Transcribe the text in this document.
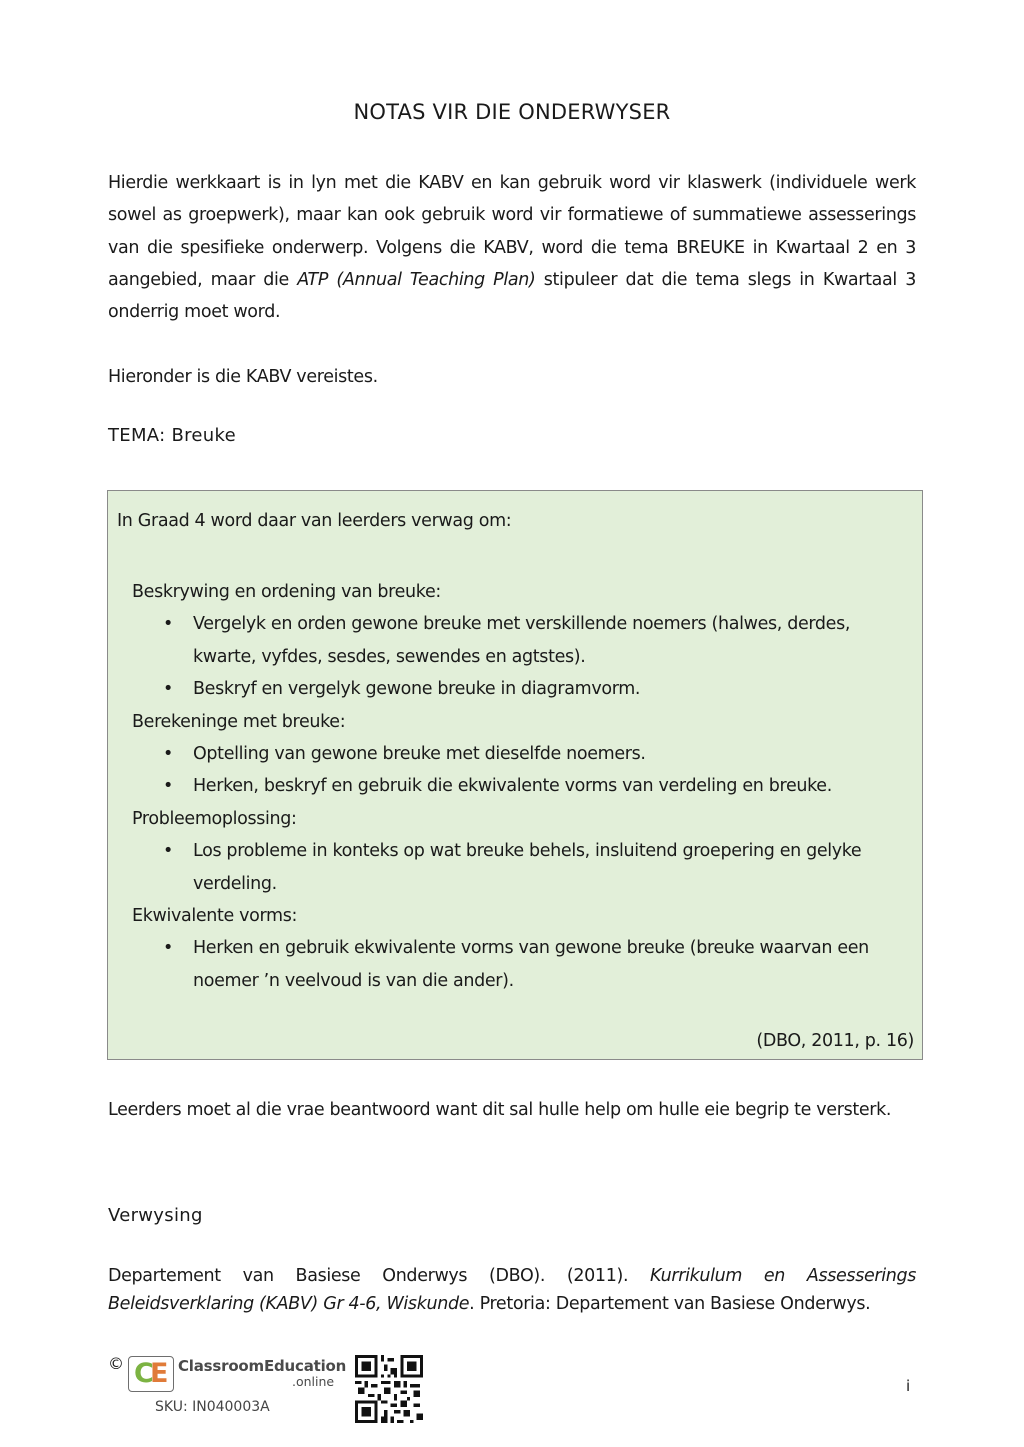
NOTAS VIR DIE ONDERWYSER
Hierdie werkkaart is in lyn met die KABV en kan gebruik word vir klaswerk (individuele werk sowel as groepwerk), maar kan ook gebruik word vir formatiewe of summatiewe assesserings van die spesifieke onderwerp. Volgens die KABV, word die tema BREUKE in Kwartaal 2 en 3 aangebied, maar die ATP (Annual Teaching Plan) stipuleer dat die tema slegs in Kwartaal 3 onderrig moet word.
Hieronder is die KABV vereistes.
TEMA: Breuke
In Graad 4 word daar van leerders verwag om:
Beskrywing en ordening van breuke:
• Vergelyk en orden gewone breuke met verskillende noemers (halwes, derdes, kwarte, vyfdes, sesdes, sewendes en agtstes).
• Beskryf en vergelyk gewone breuke in diagramvorm.
Berekeninge met breuke:
• Optelling van gewone breuke met dieselfde noemers.
• Herken, beskryf en gebruik die ekwivalente vorms van verdeling en breuke.
Probleemoplossing:
• Los probleme in konteks op wat breuke behels, insluitend groepering en gelyke verdeling.
Ekwivalente vorms:
• Herken en gebruik ekwivalente vorms van gewone breuke (breuke waarvan een noemer ’n veelvoud is van die ander).
(DBO, 2011, p. 16)
Leerders moet al die vrae beantwoord want dit sal hulle help om hulle eie begrip te versterk.
Verwysing
Departement van Basiese Onderwys (DBO). (2011). Kurrikulum en Assesserings Beleidsverklaring (KABV) Gr 4-6, Wiskunde. Pretoria: Departement van Basiese Onderwys.
© C
E ClassroomEducation
.online
SKU: IN040003A
i
